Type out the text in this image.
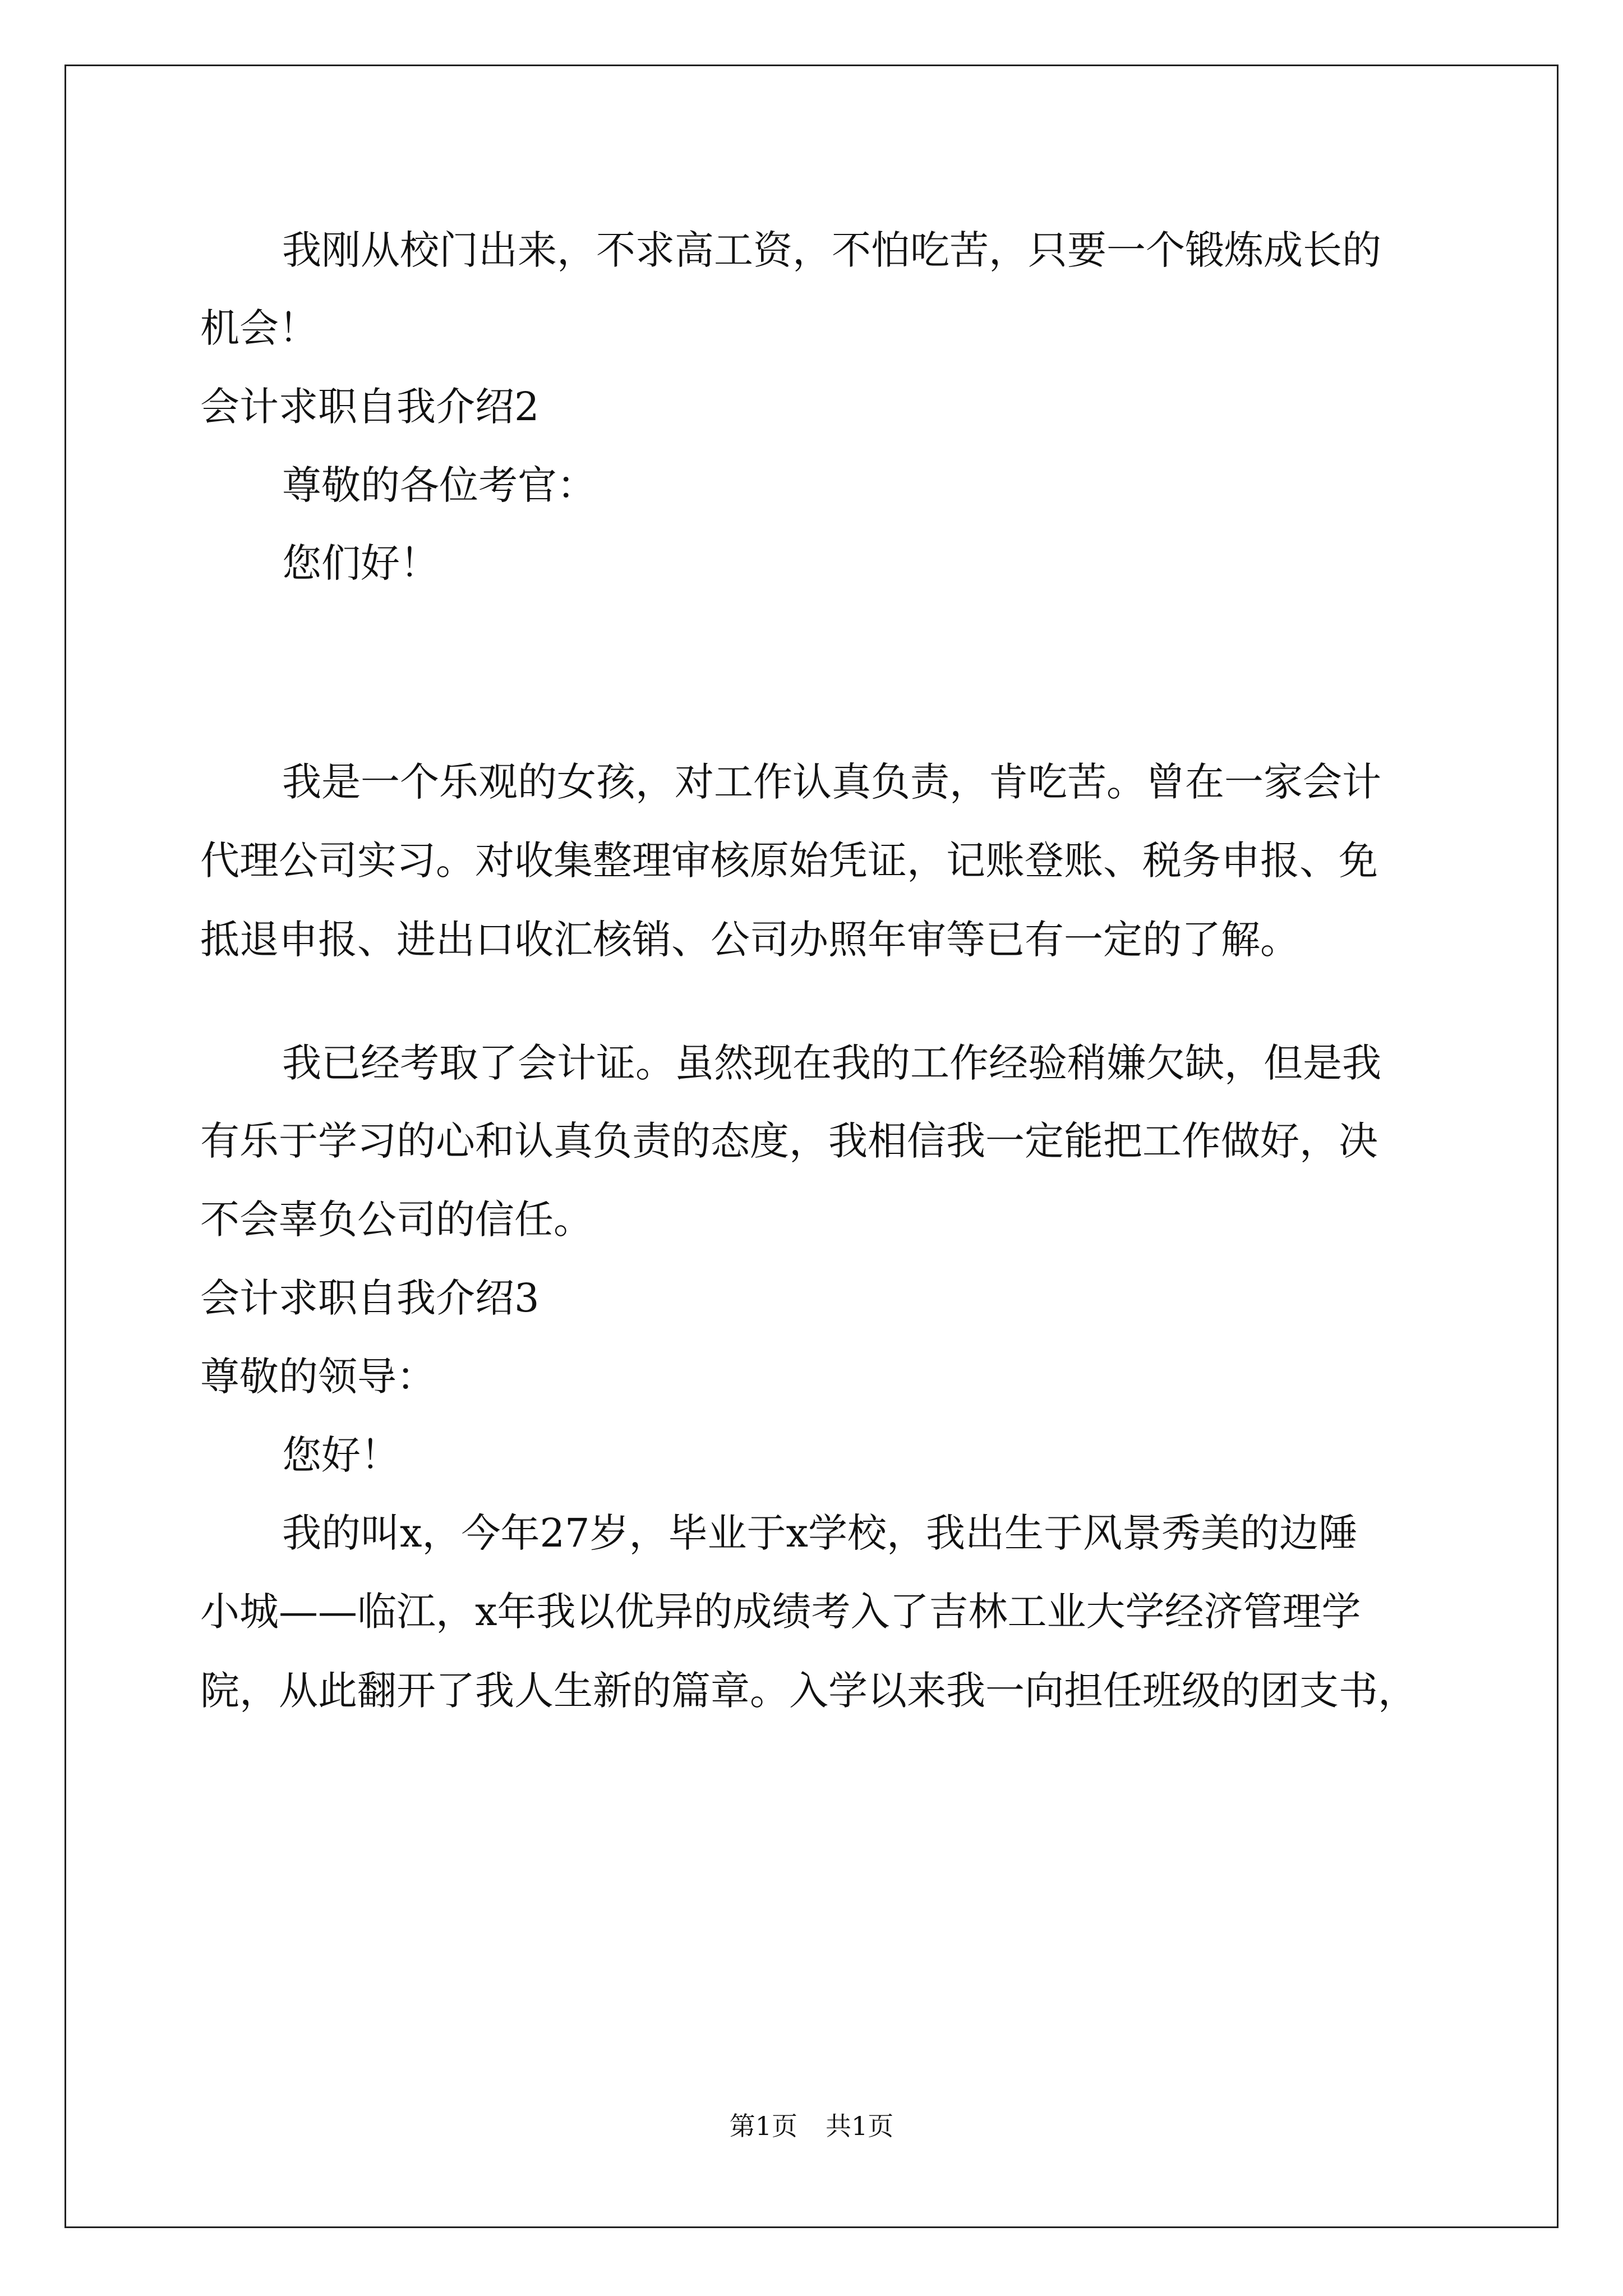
我刚从校门出来，不求高工资，不怕吃苦，只要一个锻炼成长的
机会！
会计求职自我介绍2
尊敬的各位考官：
您们好！
我是一个乐观的女孩，对工作认真负责，肯吃苦。曾在一家会计
代理公司实习。对收集整理审核原始凭证，记账登账、税务申报、免
抵退申报、进出口收汇核销、公司办照年审等已有一定的了解。
我已经考取了会计证。虽然现在我的工作经验稍嫌欠缺，但是我
有乐于学习的心和认真负责的态度，我相信我一定能把工作做好，决
不会辜负公司的信任。
会计求职自我介绍3
尊敬的领导：
您好！
我的叫x，今年27岁，毕业于x学校，我出生于风景秀美的边陲
小城——临江，x年我以优异的成绩考入了吉林工业大学经济管理学
院，从此翻开了我人生新的篇章。入学以来我一向担任班级的团支书，
第1页 共1页
